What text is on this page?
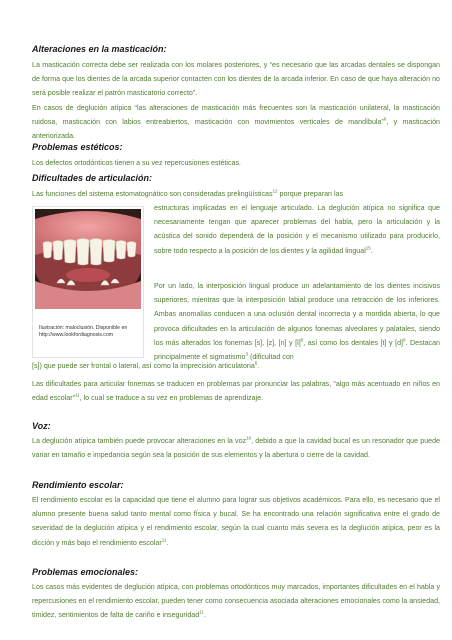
Alteraciones en la masticación:

La masticación correcta debe ser realizada con los molares posteriores, y “es necesario que las arcadas dentales se dispongan de forma que los dientes de la arcada superior contacten con los dientes de la arcada inferior. En caso de que haya alteración no será posible realizar el patrón masticatorio correcto”.

En casos de deglución atípica “las alteraciones de masticación más frecuentes son la masticación unilateral, la masticación ruidosa, masticación con labios entreabiertos, masticación con movimientos verticales de mandíbula”$^6$, y masticación anteriorizada.

Problemas estéticos:

Los defectos ortodónticos tienen a su vez repercusiones estéticas.

Dificultades de articulación:

Las funciones del sistema estomatognático son consideradas prelingüísticas$^{12}$ porque preparan las

Ilustración: maloclusión. Disponible en http://www.lookfordiagnosis.com

estructuras implicadas en el lenguaje articulado. La deglución atípica no significa que necesariamente tengan que aparecer problemas del habla, pero la articulación y la acústica del sonido dependerá de la posición y el mecanismo utilizado para producirlo, sobre todo respecto a la posición de los dientes y la agilidad lingual$^{15}$.

Por un lado, la interposición lingual produce un adelantamiento de los dientes incisivos superiores, mientras que la interposición labial produce una retracción de los inferiores. Ambas anomalías conducen a una oclusión dental incorrecta y a mordida abierta, lo que provoca dificultades en la articulación de algunos fonemas alveolares y palatales, siendo los más alterados los fonemas [s], [z], [n] y $[l]^8$, así como los dentales [t] y $[d]^8$. Destacan principalmente el sigmatismo$^3$ (dificultad con

[s]) que puede ser frontal o lateral, así como la imprecisión articulatoria$^6$.

Las dificultades para articular fonemas se traducen en problemas par pronunciar las palabras, “algo más acentuado en niños en edad escolar”$^{11}$, lo cual se traduce a su vez en problemas de aprendizaje.

Voz:

La deglución atípica también puede provocar alteraciones en la voz$^{10}$, debido a que la cavidad bucal es un resonador que puede variar en tamaño e impedancia según sea la posición de sus elementos y la abertura o cierre de la cavidad.

Rendimiento escolar:

El rendimiento escolar es la capacidad que tiene el alumno para lograr sus objetivos académicos. Para ello, es necesario que el alumno presente buena salud tanto mental como física y bucal. Se ha encontrado una relación significativa entre el grado de severidad de la deglución atípica y el rendimiento escolar, según la cual cuanto más severa es la deglución atípica, peor es la dicción y más bajo el rendimiento escolar$^{11}$.

Problemas emocionales:

Los casos más evidentes de deglución atípica, con problemas ortodónticos muy marcados, importantes dificultades en el habla y repercusiones en el rendimiento escolar, pueden tener como consecuencia asociada alteraciones emocionales como la ansiedad, timidez, sentimientos de falta de cariño e inseguridad$^{11}$.
